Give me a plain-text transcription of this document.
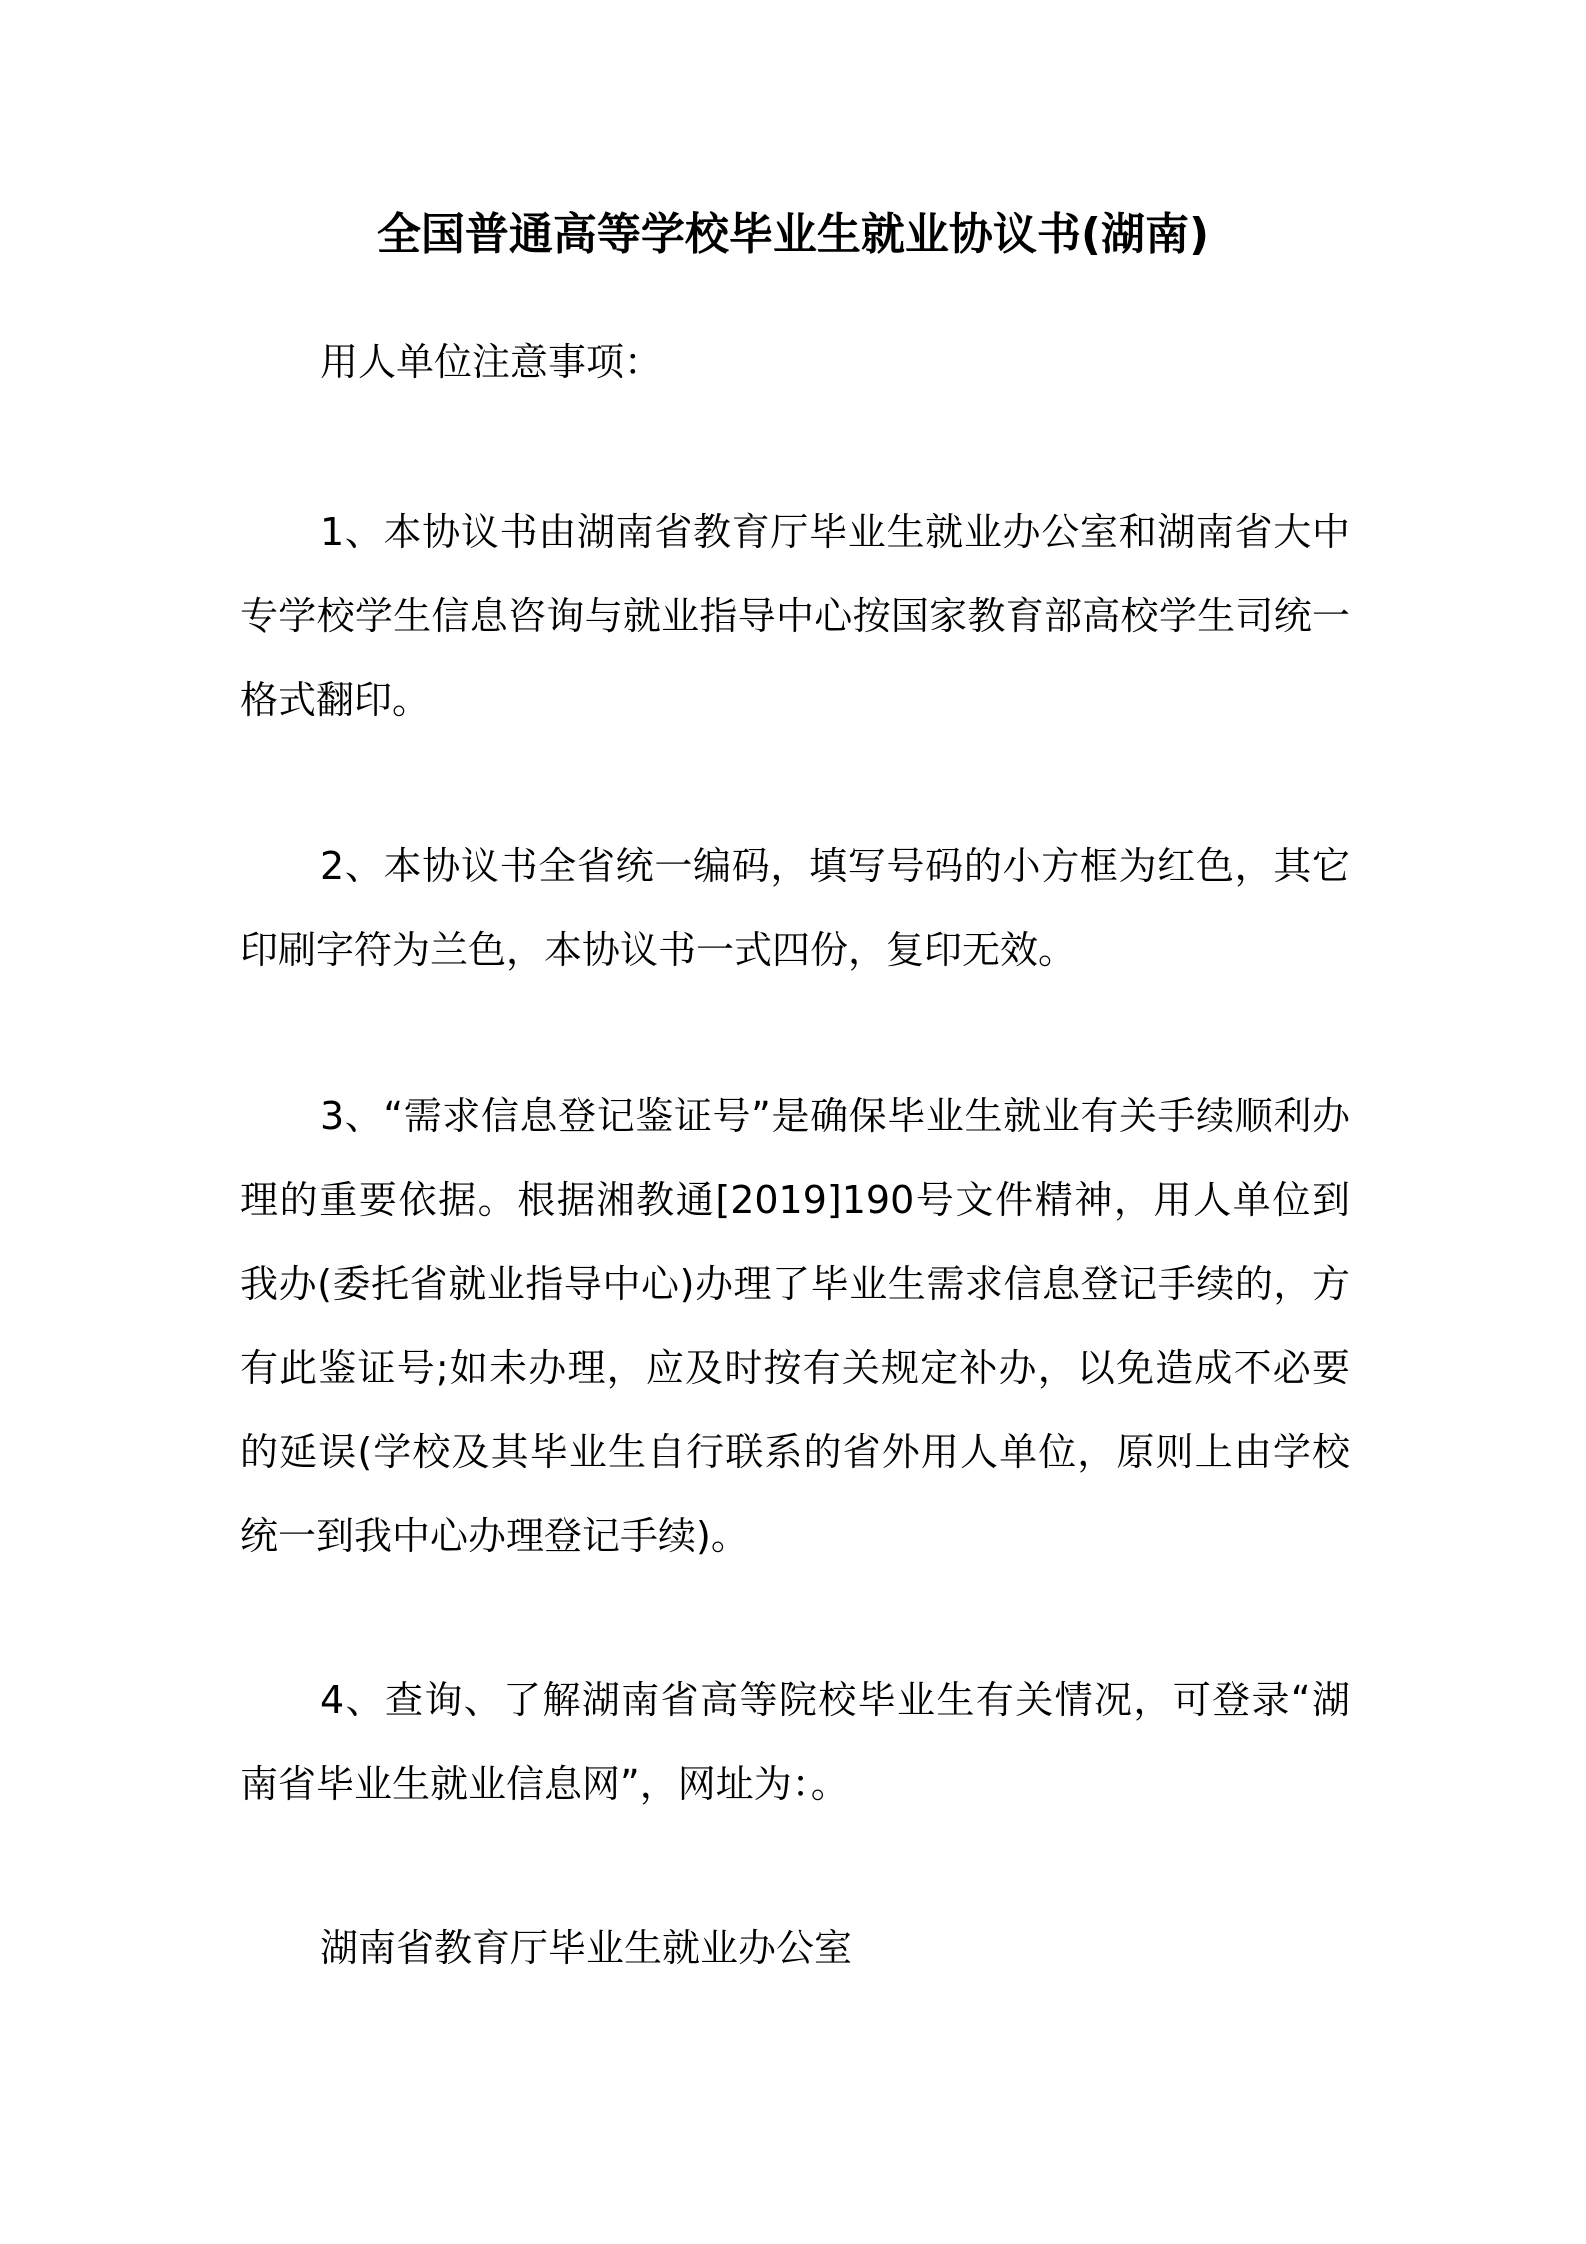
全国普通高等学校毕业生就业协议书(湖南)
用人单位注意事项：

1、本协议书由湖南省教育厅毕业生就业办公室和湖南省大中专学校学生信息咨询与就业指导中心按国家教育部高校学生司统一格式翻印。

2、本协议书全省统一编码，填写号码的小方框为红色，其它印刷字符为兰色，本协议书一式四份，复印无效。

3、“需求信息登记鉴证号”是确保毕业生就业有关手续顺利办理的重要依据。根据湘教通[2019]190号文件精神，用人单位到我办(委托省就业指导中心)办理了毕业生需求信息登记手续的，方有此鉴证号;如未办理，应及时按有关规定补办，以免造成不必要的延误(学校及其毕业生自行联系的省外用人单位，原则上由学校统一到我中心办理登记手续)。

4、查询、了解湖南省高等院校毕业生有关情况，可登录“湖南省毕业生就业信息网”，网址为：。

湖南省教育厅毕业生就业办公室
